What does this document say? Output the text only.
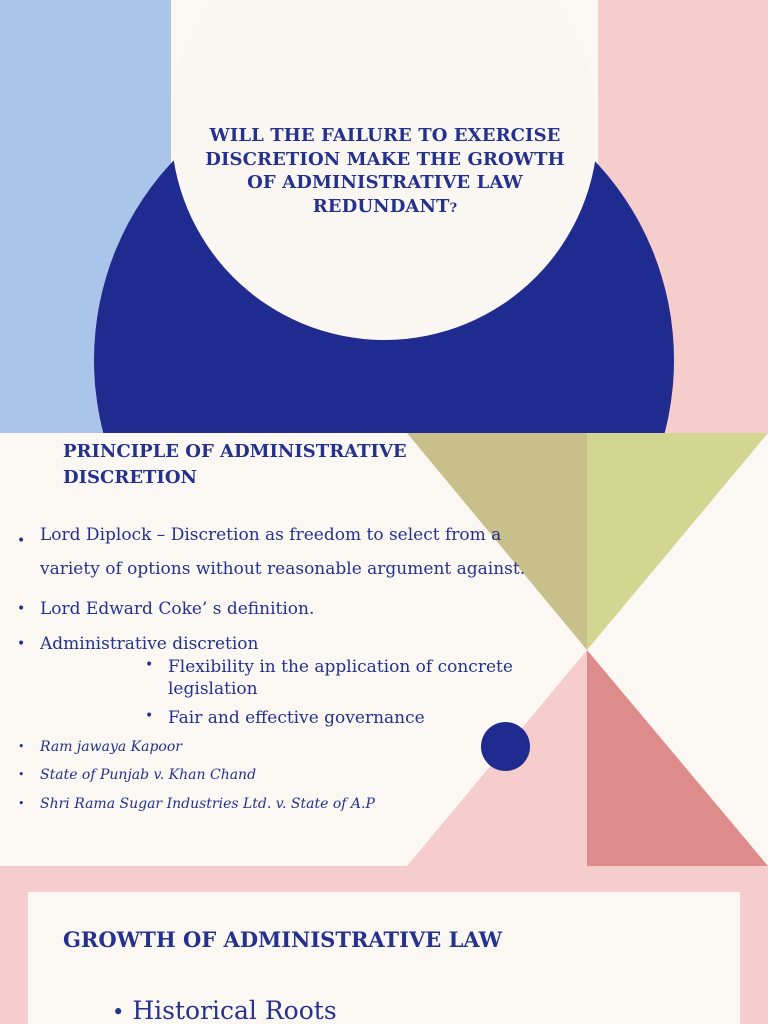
WILL THE FAILURE TO EXERCISE DISCRETION MAKE THE GROWTH OF ADMINISTRATIVE LAW REDUNDANT?
PRINCIPLE OF ADMINISTRATIVE
DISCRETION
• Lord Diplock – Discretion as freedom to select from a
variety of options without reasonable argument against.
• Lord Edward Coke’ s definition.
• Administrative discretion
• Flexibility in the application of concrete
legislation
• Fair and effective governance
• Ram jawaya Kapoor
• State of Punjab v. Khan Chand
• Shri Rama Sugar Industries Ltd. v. State of A.P
GROWTH OF ADMINISTRATIVE LAW
• Historical Roots
